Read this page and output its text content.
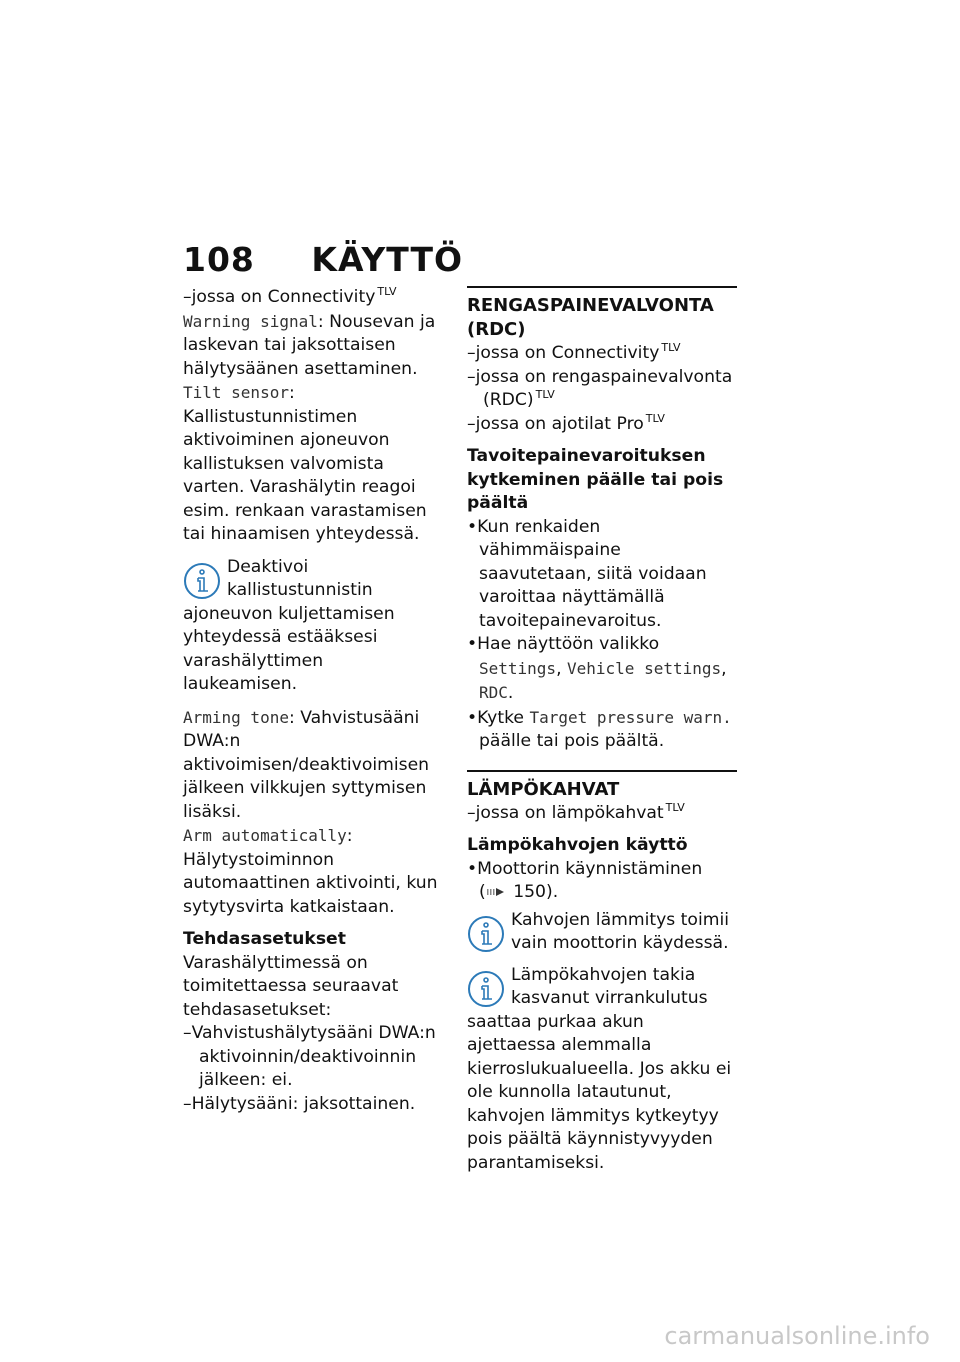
108 KÄYTTÖ

–jossa on Connectivity $^{TLV}$

Warning signal: Nousevan ja laskevan tai jaksottaisen hälytysäänen asettaminen.

Tilt sensor: Kallistustunnistimen aktivoiminen ajoneuvon kallistuksen valvomista varten. Varashälytin reagoi esim. renkaan varastamisen tai hinaamisen yhteydessä.

Deaktivoi kallistustunnistin ajoneuvon kuljettamisen yhteydessä estääksesi varashälyttimen laukeamisen.

Arming tone: Vahvistusääni DWA:n aktivoimisen/deaktivoimisen jälkeen vilkkujen syttymisen lisäksi.

Arm automatically: Hälytystoiminnon automaattinen aktivointi, kun sytytysvirta katkaistaan.

Tehdasasetukset

Varashälyttimessä on toimitettaessa seuraavat tehdasasetukset:

–Vahvistushälytysääni DWA:n aktivoinnin/deaktivoinnin jälkeen: ei.

–Hälytysääni: jaksottainen.

RENGASPAINEVALVONTA (RDC)

–jossa on Connectivity $^{TLV}$

–jossa on rengaspainevalvonta (RDC) $^{TLV}$

–jossa on ajotilat Pro $^{TLV}$

Tavoitepainevaroituksen kytkeminen päälle tai pois päältä

•Kun renkaiden vähimmäispaine saavutetaan, siitä voidaan varoittaa näyttämällä tavoitepainevaroitus.

•Hae näyttöön valikko Settings, Vehicle settings, RDC.

•Kytke Target pressure warn. päälle tai pois päältä.

LÄMPÖKAHVAT

–jossa on lämpökahvat $^{TLV}$

Lämpökahvojen käyttö

•Moottorin käynnistäminen

( 150).

Kahvojen lämmitys toimii vain moottorin käydessä.

Lämpökahvojen takia kasvanut virrankulutus saattaa purkaa akun ajettaessa alemmalla kierroslukualueella. Jos akku ei ole kunnolla latautunut, kahvojen lämmitys kytkeytyy pois päältä käynnistyvyyden parantamiseksi.

carmanualsonline.info
